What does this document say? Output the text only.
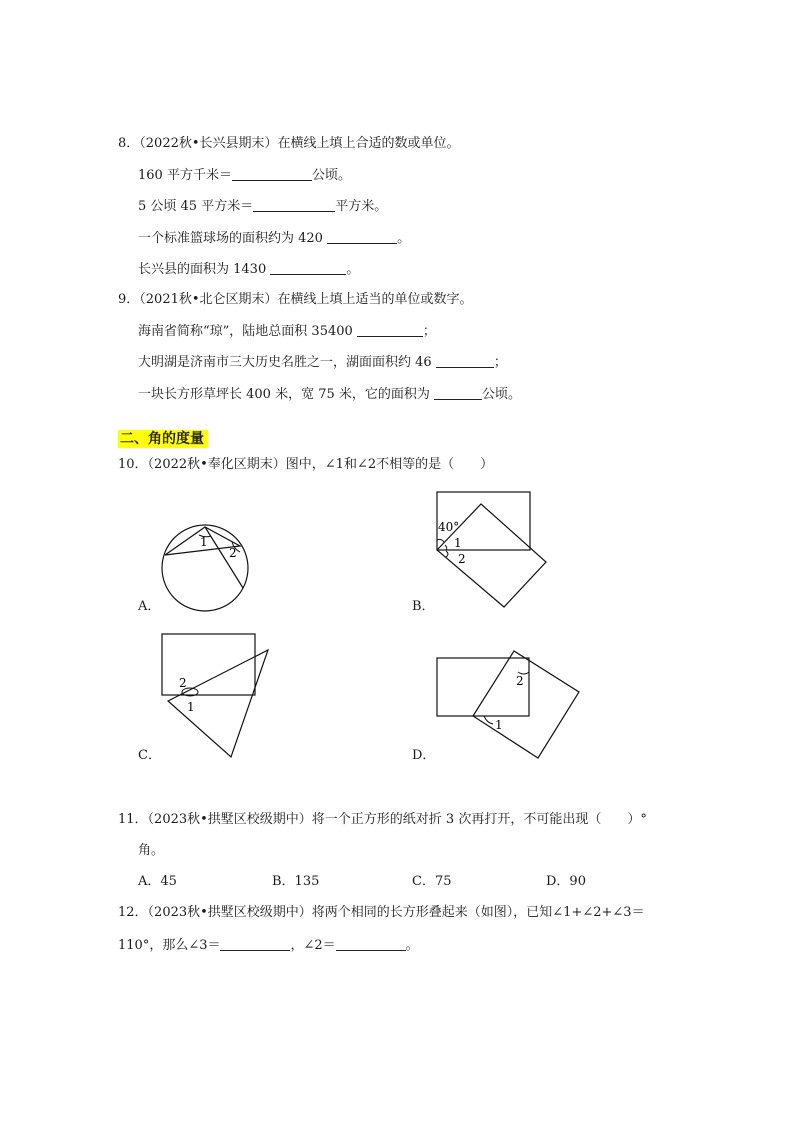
8．（2022秋•长兴县期末）在横线上填上合适的数或单位。
160 平方千米＝	公顷。
5 公顷 45 平方米＝	平方米。
一个标准篮球场的面积约为 420	。
长兴县的面积为 1430	。
9．（2021秋•北仑区期末）在横线上填上适当的单位或数字。
海南省简称“琼”，陆地总面积 35400	；
大明湖是济南市三大历史名胜之一，湖面面积约 46	；
一块长方形草坪长 400 米，宽 75 米，它的面积为	公顷。
二、角的度量
10．（2022秋•奉化区期末）图中，∠1和∠2不相等的是（　　）
1
2
A．
40°
1
2
B．
2
1
C．
2
1
D．
11．（2023秋•拱墅区校级期中）将一个正方形的纸对折 3 次再打开，不可能出现（　　）°
角。
A．45	B．135	C．75	D．90
12．（2023秋•拱墅区校级期中）将两个相同的长方形叠起来（如图），已知∠1+∠2+∠3＝
110°，那么∠3＝	，∠2＝	。
